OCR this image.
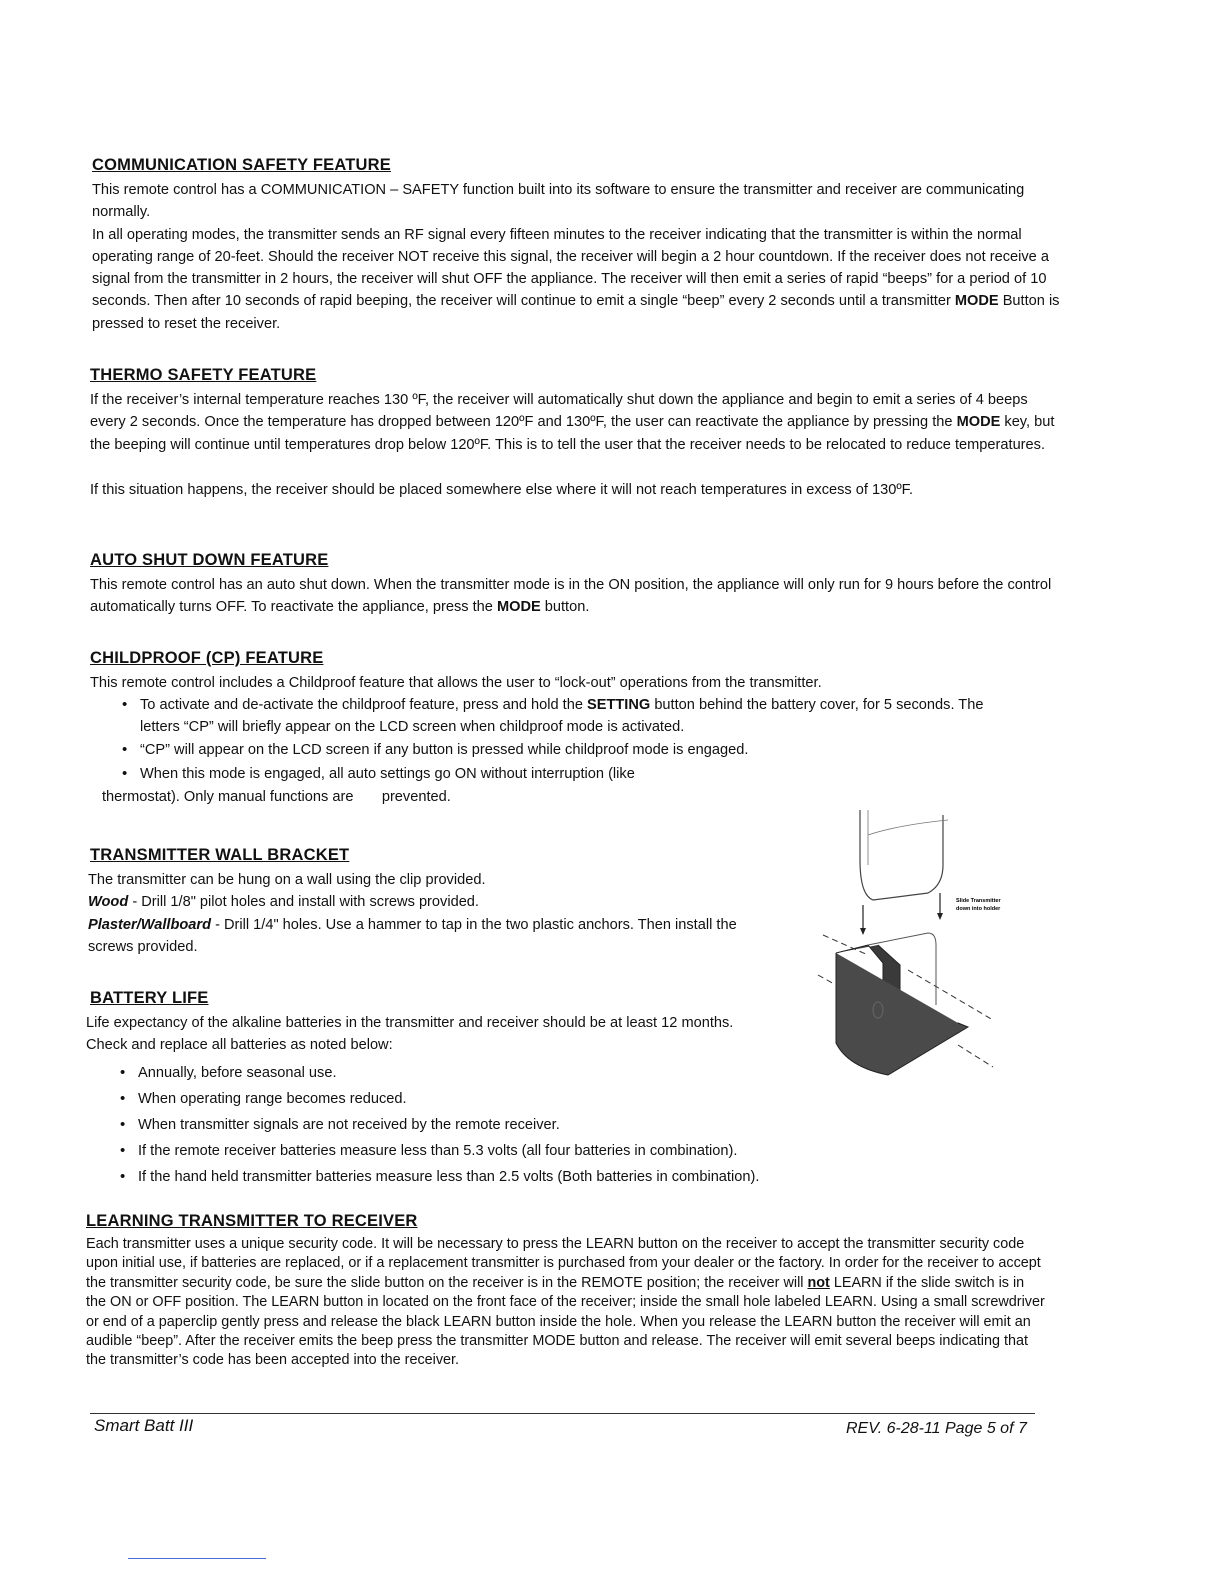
COMMUNICATION SAFETY FEATURE

This remote control has a COMMUNICATION – SAFETY function built into its software to ensure the transmitter and receiver are communicating normally.

In all operating modes, the transmitter sends an RF signal every fifteen minutes to the receiver indicating that the transmitter is within the normal operating range of 20-feet. Should the receiver NOT receive this signal, the receiver will begin a 2 hour countdown. If the receiver does not receive a signal from the transmitter in 2 hours, the receiver will shut OFF the appliance. The receiver will then emit a series of rapid “beeps” for a period of 10 seconds. Then after 10 seconds of rapid beeping, the receiver will continue to emit a single “beep” every 2 seconds until a transmitter MODE Button is pressed to reset the receiver.

THERMO SAFETY FEATURE

If the receiver’s internal temperature reaches 130 ºF, the receiver will automatically shut down the appliance and begin to emit a series of 4 beeps every 2 seconds. Once the temperature has dropped between 120ºF and 130ºF, the user can reactivate the appliance by pressing the MODE key, but the beeping will continue until temperatures drop below 120ºF. This is to tell the user that the receiver needs to be relocated to reduce temperatures.

If this situation happens, the receiver should be placed somewhere else where it will not reach temperatures in excess of 130ºF.

AUTO SHUT DOWN FEATURE

This remote control has an auto shut down. When the transmitter mode is in the ON position, the appliance will only run for 9 hours before the control automatically turns OFF. To reactivate the appliance, press the MODE button.

CHILDPROOF (CP) FEATURE

This remote control includes a Childproof feature that allows the user to “lock-out” operations from the transmitter.

• To activate and de-activate the childproof feature, press and hold the SETTING button behind the battery cover, for 5 seconds. The letters “CP” will briefly appear on the LCD screen when childproof mode is activated.
• “CP” will appear on the LCD screen if any button is pressed while childproof mode is engaged.
• When this mode is engaged, all auto settings go ON without interruption (like

thermostat). Only manual functions are       prevented.

TRANSMITTER WALL BRACKET

The transmitter can be hung on a wall using the clip provided.

Wood - Drill 1/8" pilot holes and install with screws provided.

Plaster/Wallboard - Drill 1/4" holes. Use a hammer to tap in the two plastic anchors. Then install the screws provided.

Slide Transmitter
down into holder
BATTERY LIFE

Life expectancy of the alkaline batteries in the transmitter and receiver should be at least 12 months. Check and replace all batteries as noted below:

• Annually, before seasonal use.
• When operating range becomes reduced.
• When transmitter signals are not received by the remote receiver.
• If the remote receiver batteries measure less than 5.3 volts (all four batteries in combination).
• If the hand held transmitter batteries measure less than 2.5 volts (Both batteries in combination).
LEARNING TRANSMITTER TO RECEIVER

Each transmitter uses a unique security code. It will be necessary to press the LEARN button on the receiver to accept the transmitter security code upon initial use, if batteries are replaced, or if a replacement transmitter is purchased from your dealer or the factory. In order for the receiver to accept the transmitter security code, be sure the slide button on the receiver is in the REMOTE position; the receiver will not LEARN if the slide switch is in the ON or OFF position. The LEARN button in located on the front face of the receiver; inside the small hole labeled LEARN. Using a small screwdriver or end of a paperclip gently press and release the black LEARN button inside the hole. When you release the LEARN button the receiver will emit an audible “beep”. After the receiver emits the beep press the transmitter MODE button and release. The receiver will emit several beeps indicating that the transmitter’s code has been accepted into the receiver.

Smart Batt III	REV. 6-28-11 Page 5 of 7
